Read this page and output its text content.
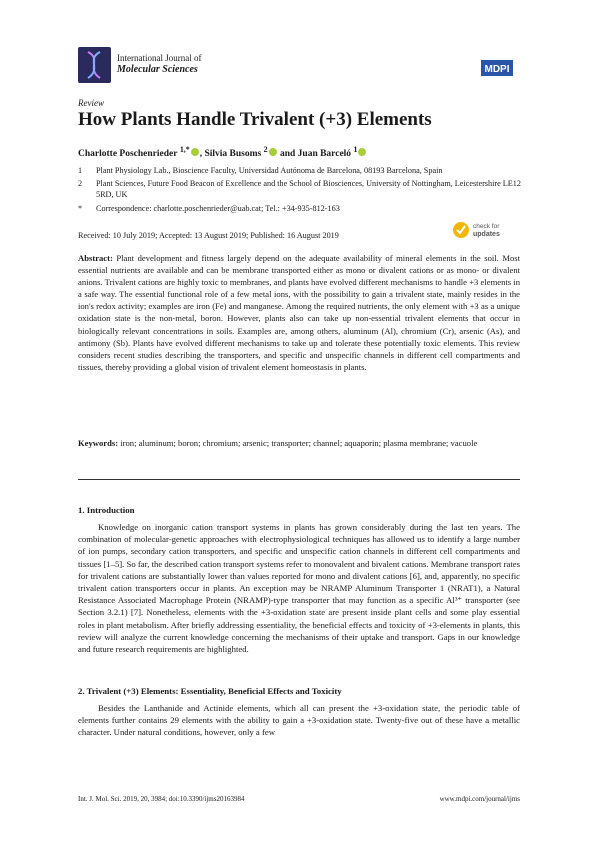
International Journal of
Molecular Sciences	MDPI
Review
How Plants Handle Trivalent (+3) Elements
Charlotte Poschenrieder $^{1,*}$ , Silvia Busoms $^2$ and Juan Barceló $^1$
1 Plant Physiology Lab., Bioscience Faculty, Universidad Autónoma de Barcelona, 08193 Barcelona, Spain
2 Plant Sciences, Future Food Beacon of Excellence and the School of Biosciences, University of Nottingham, Leicestershire LE12 5RD, UK
* Correspondence: charlotte.poschenrieder@uab.cat; Tel.: +34-935-812-163
check for
updates
Received: 10 July 2019; Accepted: 13 August 2019; Published: 16 August 2019
Abstract: Plant development and fitness largely depend on the adequate availability of mineral elements in the soil. Most essential nutrients are available and can be membrane transported either as mono or divalent cations or as mono- or divalent anions. Trivalent cations are highly toxic to membranes, and plants have evolved different mechanisms to handle +3 elements in a safe way. The essential functional role of a few metal ions, with the possibility to gain a trivalent state, mainly resides in the ion's redox activity; examples are iron (Fe) and manganese. Among the required nutrients, the only element with +3 as a unique oxidation state is the non-metal, boron. However, plants also can take up non-essential trivalent elements that occur in biologically relevant concentrations in soils. Examples are, among others, aluminum (Al), chromium (Cr), arsenic (As), and antimony (Sb). Plants have evolved different mechanisms to take up and tolerate these potentially toxic elements. This review considers recent studies describing the transporters, and specific and unspecific channels in different cell compartments and tissues, thereby providing a global vision of trivalent element homeostasis in plants.
Keywords: iron; aluminum; boron; chromium; arsenic; transporter; channel; aquaporin; plasma membrane; vacuole
1. Introduction
Knowledge on inorganic cation transport systems in plants has grown considerably during the last ten years. The combination of molecular-genetic approaches with electrophysiological techniques has allowed us to identify a large number of ion pumps, secondary cation transporters, and specific and unspecific cation channels in different cell compartments and tissues [1–5]. So far, the described cation transport systems refer to monovalent and bivalent cations. Membrane transport rates for trivalent cations are substantially lower than values reported for mono and divalent cations [6], and, apparently, no specific trivalent cation transporters occur in plants. An exception may be NRAMP Aluminum Transporter 1 (NRAT1), a Natural Resistance Associated Macrophage Protein (NRAMP)-type transporter that may function as a specific Al³⁺ transporter (see Section 3.2.1) [7]. Nonetheless, elements with the +3-oxidation state are present inside plant cells and some play essential roles in plant metabolism. After briefly addressing essentiality, the beneficial effects and toxicity of +3-elements in plants, this review will analyze the current knowledge concerning the mechanisms of their uptake and transport. Gaps in our knowledge and future research requirements are highlighted.
2. Trivalent (+3) Elements: Essentiality, Beneficial Effects and Toxicity
Besides the Lanthanide and Actinide elements, which all can present the +3-oxidation state, the periodic table of elements further contains 29 elements with the ability to gain a +3-oxidation state. Twenty-five out of these have a metallic character. Under natural conditions, however, only a few
Int. J. Mol. Sci. 2019, 20, 3984; doi:10.3390/ijms20163984	www.mdpi.com/journal/ijms
